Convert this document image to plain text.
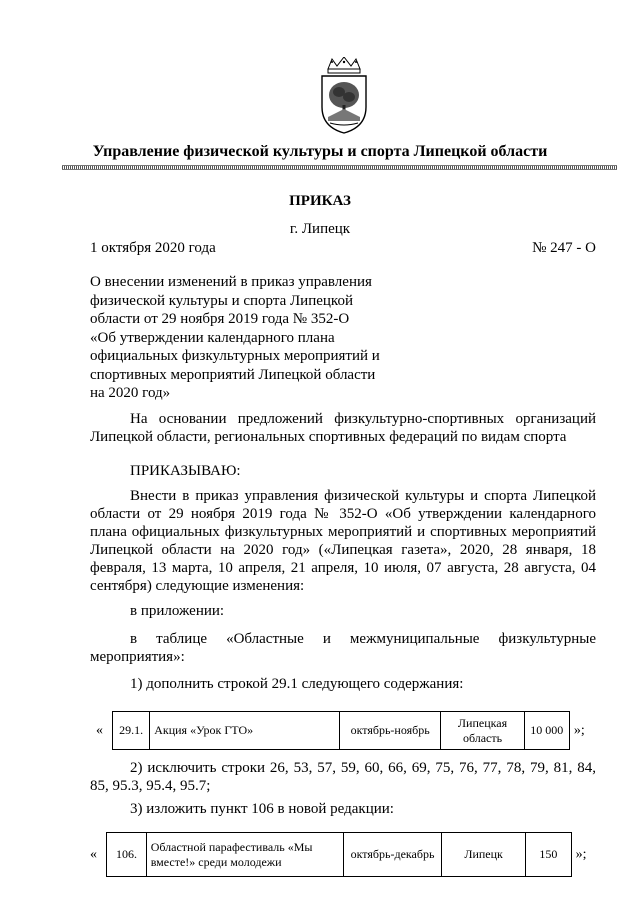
Управление физической культуры и спорта Липецкой области
ПРИКАЗ
г. Липецк
1 октября 2020 года	№ 247 - О
О внесении изменений в приказ управления
физической культуры и спорта Липецкой
области от 29 ноября 2019 года № 352-О
«Об утверждении календарного плана
официальных физкультурных мероприятий и
спортивных мероприятий Липецкой области
на 2020 год»
На основании предложений физкультурно-спортивных организаций Липецкой области, региональных спортивных федераций по видам спорта
ПРИКАЗЫВАЮ:
Внести в приказ управления физической культуры и спорта Липецкой области от 29 ноября 2019 года № 352-О «Об утверждении календарного плана официальных физкультурных мероприятий и спортивных мероприятий Липецкой области на 2020 год» («Липецкая газета», 2020, 28 января, 18 февраля, 13 марта, 10 апреля, 21 апреля, 10 июля, 07 августа, 28 августа, 04 сентября) следующие изменения:
в приложении:
в таблице «Областные и межмуниципальные физкультурные мероприятия»:
1) дополнить строкой 29.1 следующего содержания:
«	29.1.	Акция «Урок ГТО»	октябрь-ноябрь	Липецкая область	10 000	»;
2) исключить строки 26, 53, 57, 59, 60, 66, 69, 75, 76, 77, 78, 79, 81, 84, 85, 95.3, 95.4, 95.7;
3) изложить пункт 106 в новой редакции:
«	106.	Областной парафестиваль «Мы вместе!» среди молодежи	октябрь-декабрь	Липецк	150	»;
